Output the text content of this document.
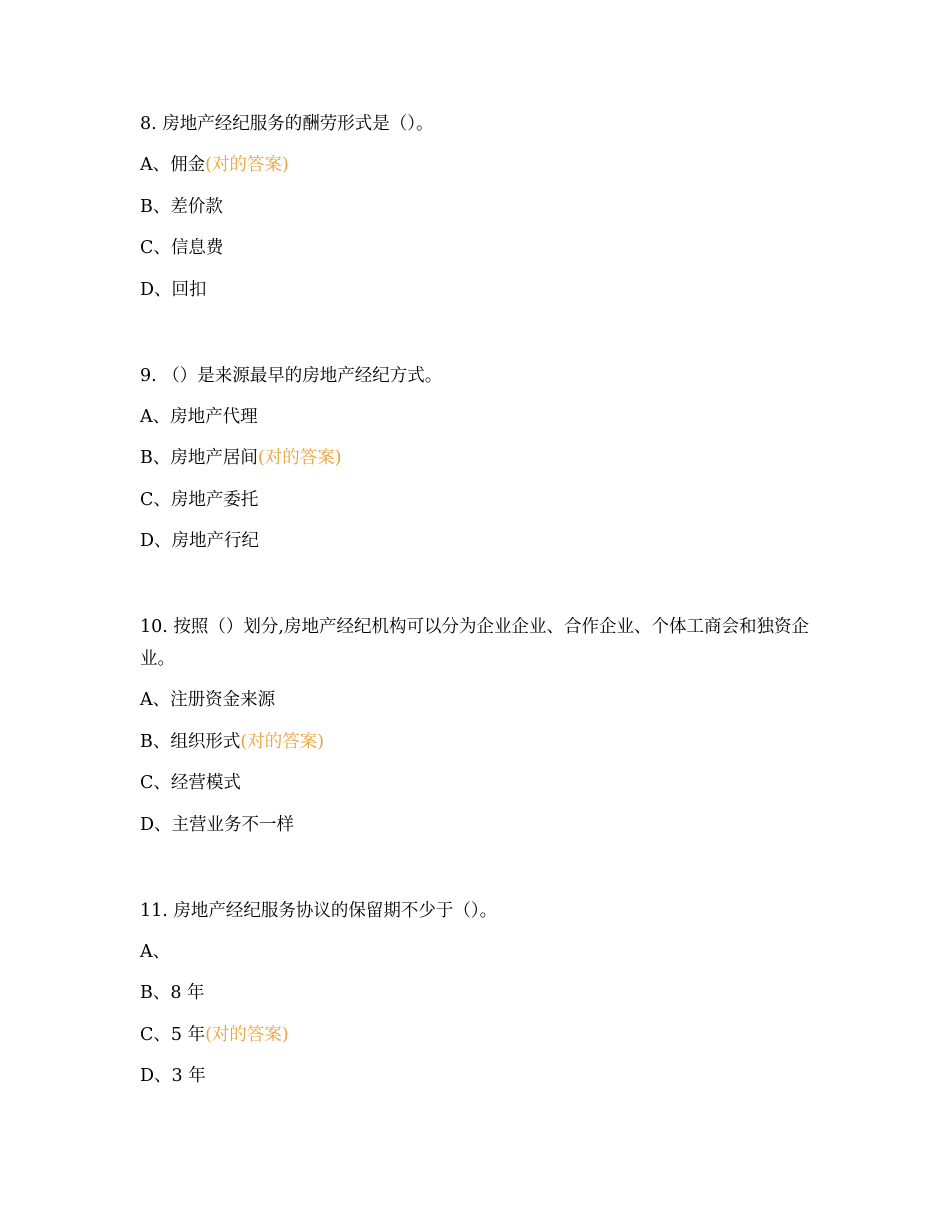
8. 房地产经纪服务的酬劳形式是（）。

A、佣金(对的答案)
B、差价款
C、信息费
D、回扣

9. （）是来源最早的房地产经纪方式。

A、房地产代理
B、房地产居间(对的答案)
C、房地产委托
D、房地产行纪

10. 按照（）划分,房地产经纪机构可以分为企业企业、合作企业、个体工商会和独资企业。

A、注册资金来源
B、组织形式(对的答案)
C、经营模式
D、主营业务不一样

11. 房地产经纪服务协议的保留期不少于（）。

A、
B、8 年
C、5 年(对的答案)
D、3 年
